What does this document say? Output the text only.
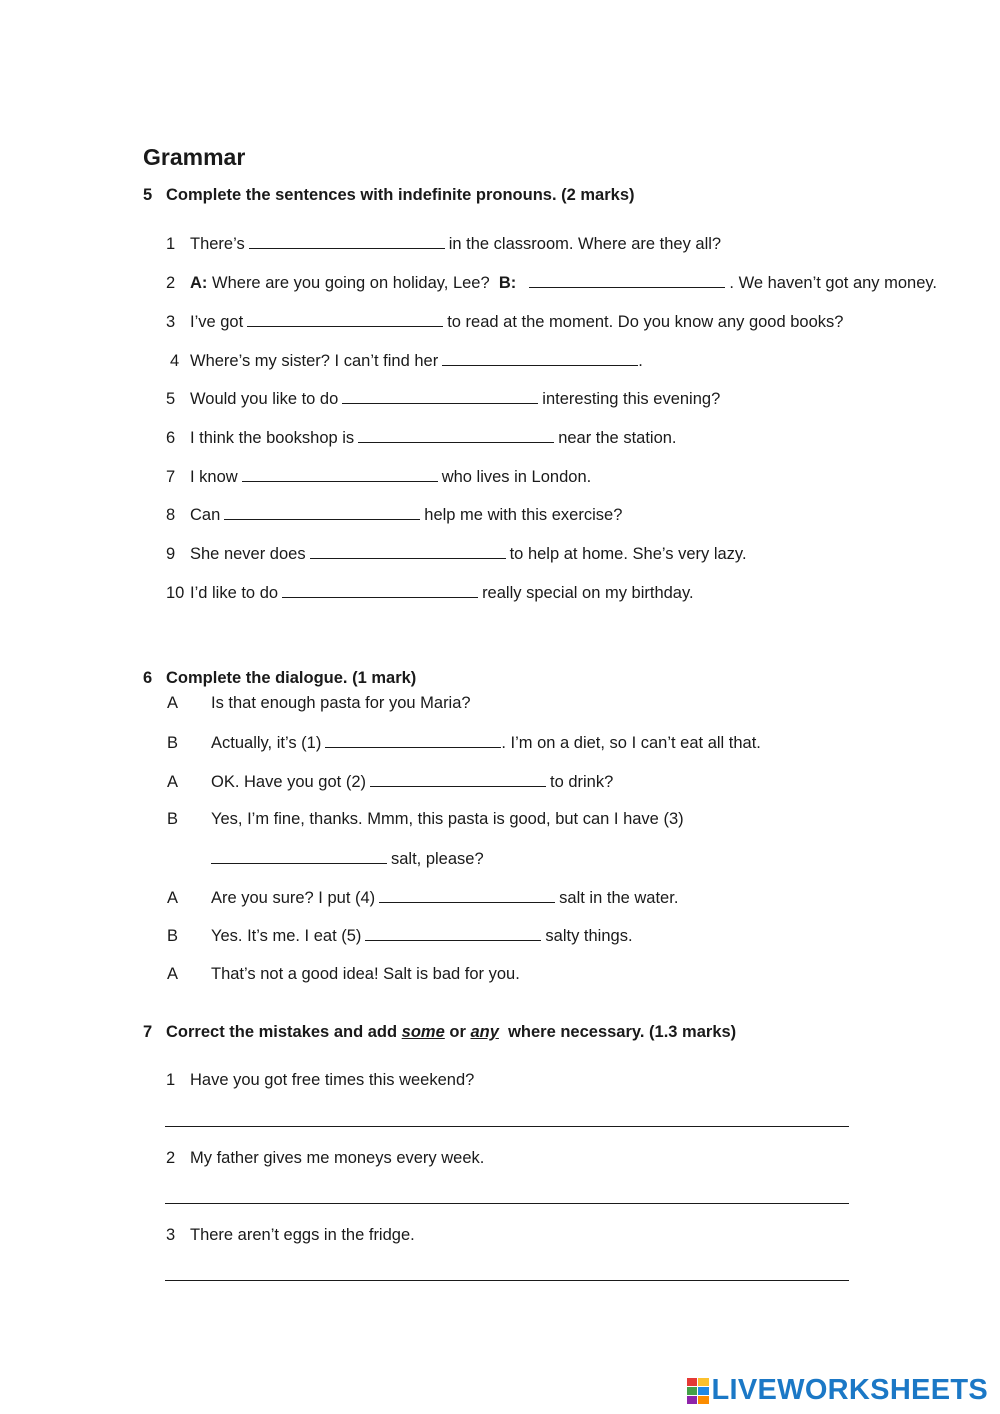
Grammar
5 Complete the sentences with indefinite pronouns. (2 marks)
1 There’s	in the classroom. Where are they all?
2 A: Where are you going on holiday, Lee? B:	. We haven’t got any money.
3 I’ve got	to read at the moment. Do you know any good books?
4 Where’s my sister? I can’t find her	.
5 Would you like to do	interesting this evening?
6 I think the bookshop is	near the station.
7 I know	who lives in London.
8 Can	help me with this exercise?
9 She never does	to help at home. She’s very lazy.
10 I’d like to do	really special on my birthday.
6 Complete the dialogue. (1 mark)
A Is that enough pasta for you Maria?
B Actually, it’s (1)	. I’m on a diet, so I can’t eat all that.
A OK. Have you got (2)	to drink?
B Yes, I’m fine, thanks. Mmm, this pasta is good, but can I have (3)
salt, please?
A Are you sure? I put (4)	salt in the water.
B Yes. It’s me. I eat (5)	salty things.
A That’s not a good idea! Salt is bad for you.
7 Correct the mistakes and add some or any where necessary. (1.3 marks)
1 Have you got free times this weekend?
2 My father gives me moneys every week.
3 There aren’t eggs in the fridge.
LIVEWORKSHEETS
